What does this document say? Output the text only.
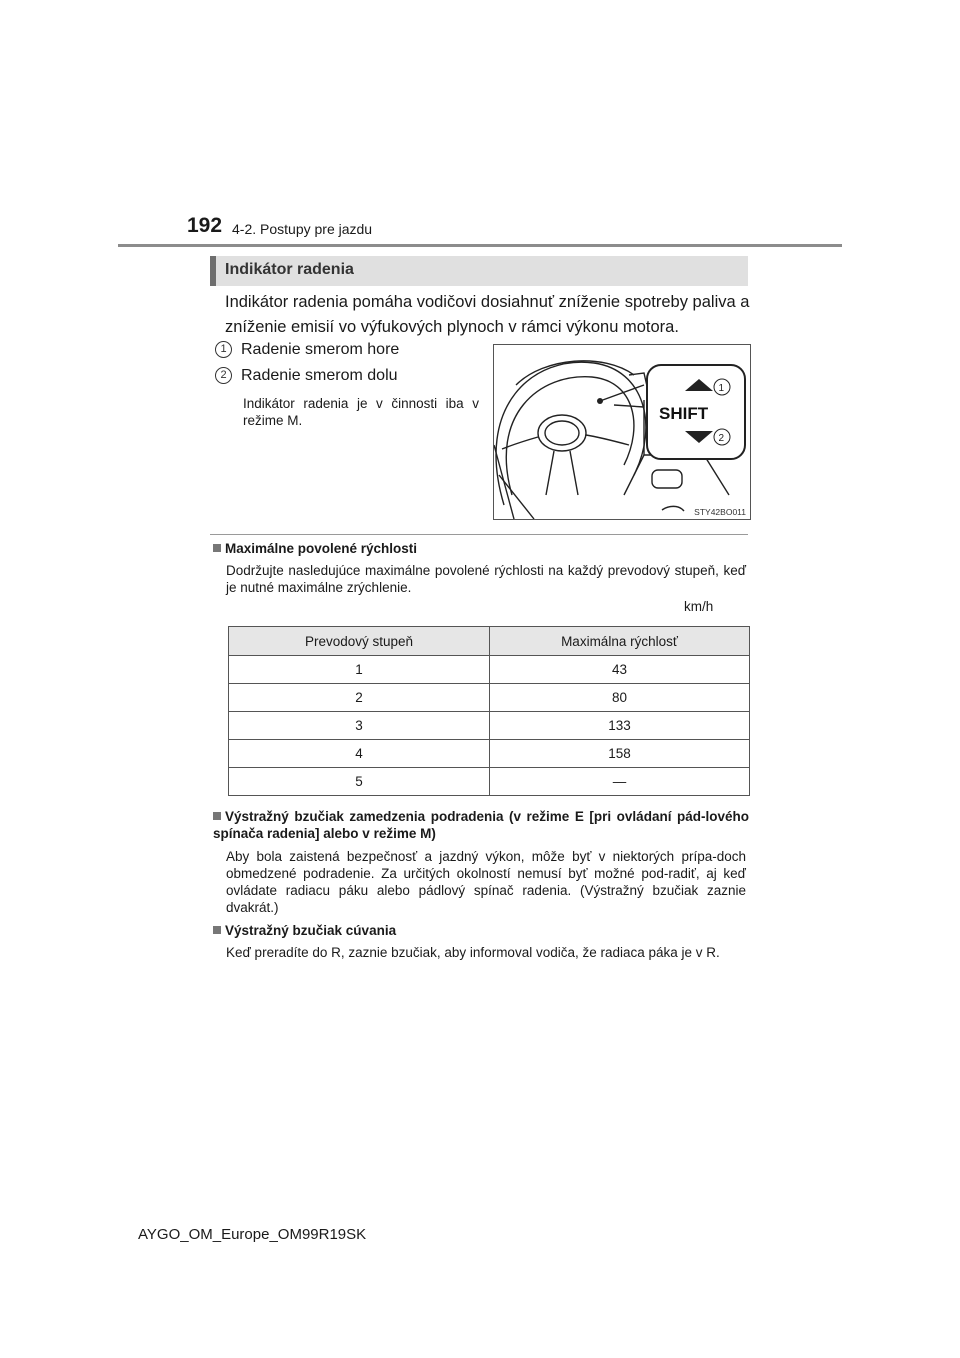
192 4-2. Postupy pre jazdu
Indikátor radenia
Indikátor radenia pomáha vodičovi dosiahnuť zníženie spotreby paliva a zníženie emisií vo výfukových plynoch v rámci výkonu motora.
1 Radenie smerom hore
2 Radenie smerom dolu
Indikátor radenia je v činnosti iba v režime M.	SHIFT
1
2
STY42BO011
Maximálne povolené rýchlosti
Dodržujte nasledujúce maximálne povolené rýchlosti na každý prevodový stupeň, keď je nutné maximálne zrýchlenie.
km/h
Prevodový stupeň	Maximálna rýchlosť
1	43
2	80
3	133
4	158
5	—
Výstražný bzučiak zamedzenia podradenia (v režime E [pri ovládaní pád-lového spínača radenia] alebo v režime M)
Aby bola zaistená bezpečnosť a jazdný výkon, môže byť v niektorých prípa-doch obmedzené podradenie. Za určitých okolností nemusí byť možné pod-radiť, aj keď ovládate radiacu páku alebo pádlový spínač radenia. (Výstražný bzučiak zaznie dvakrát.)
Výstražný bzučiak cúvania
Keď preradíte do R, zaznie bzučiak, aby informoval vodiča, že radiaca páka je v R.
AYGO_OM_Europe_OM99R19SK
